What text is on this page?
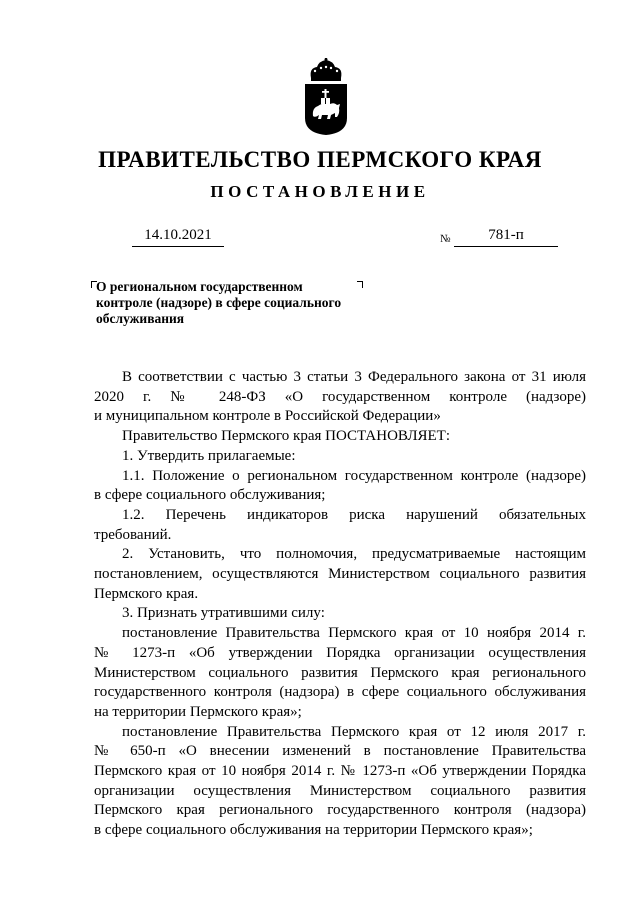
ПРАВИТЕЛЬСТВО ПЕРМСКОГО КРАЯ
ПОСТАНОВЛЕНИЕ
14.10.2021	№	781-п
О региональном государственном
контроле (надзоре) в сфере социального
обслуживания

В соответствии с частью 3 статьи 3 Федерального закона от 31 июля

2020 г. № 248-ФЗ «О государственном контроле (надзоре)

и муниципальном контроле в Российской Федерации»

Правительство Пермского края ПОСТАНОВЛЯЕТ:

1. Утвердить прилагаемые:

1.1. Положение о региональном государственном контроле (надзоре)

в сфере социального обслуживания;

1.2. Перечень индикаторов риска нарушений обязательных

требований.

2. Установить, что полномочия, предусматриваемые настоящим

постановлением, осуществляются Министерством социального развития

Пермского края.

3. Признать утратившими силу:

постановление Правительства Пермского края от 10 ноября 2014 г.

№ 1273-п «Об утверждении Порядка организации осуществления

Министерством социального развития Пермского края регионального

государственного контроля (надзора) в сфере социального обслуживания

на территории Пермского края»;

постановление Правительства Пермского края от 12 июля 2017 г.

№ 650-п «О внесении изменений в постановление Правительства

Пермского края от 10 ноября 2014 г. № 1273-п «Об утверждении Порядка

организации осуществления Министерством социального развития

Пермского края регионального государственного контроля (надзора)

в сфере социального обслуживания на территории Пермского края»;
